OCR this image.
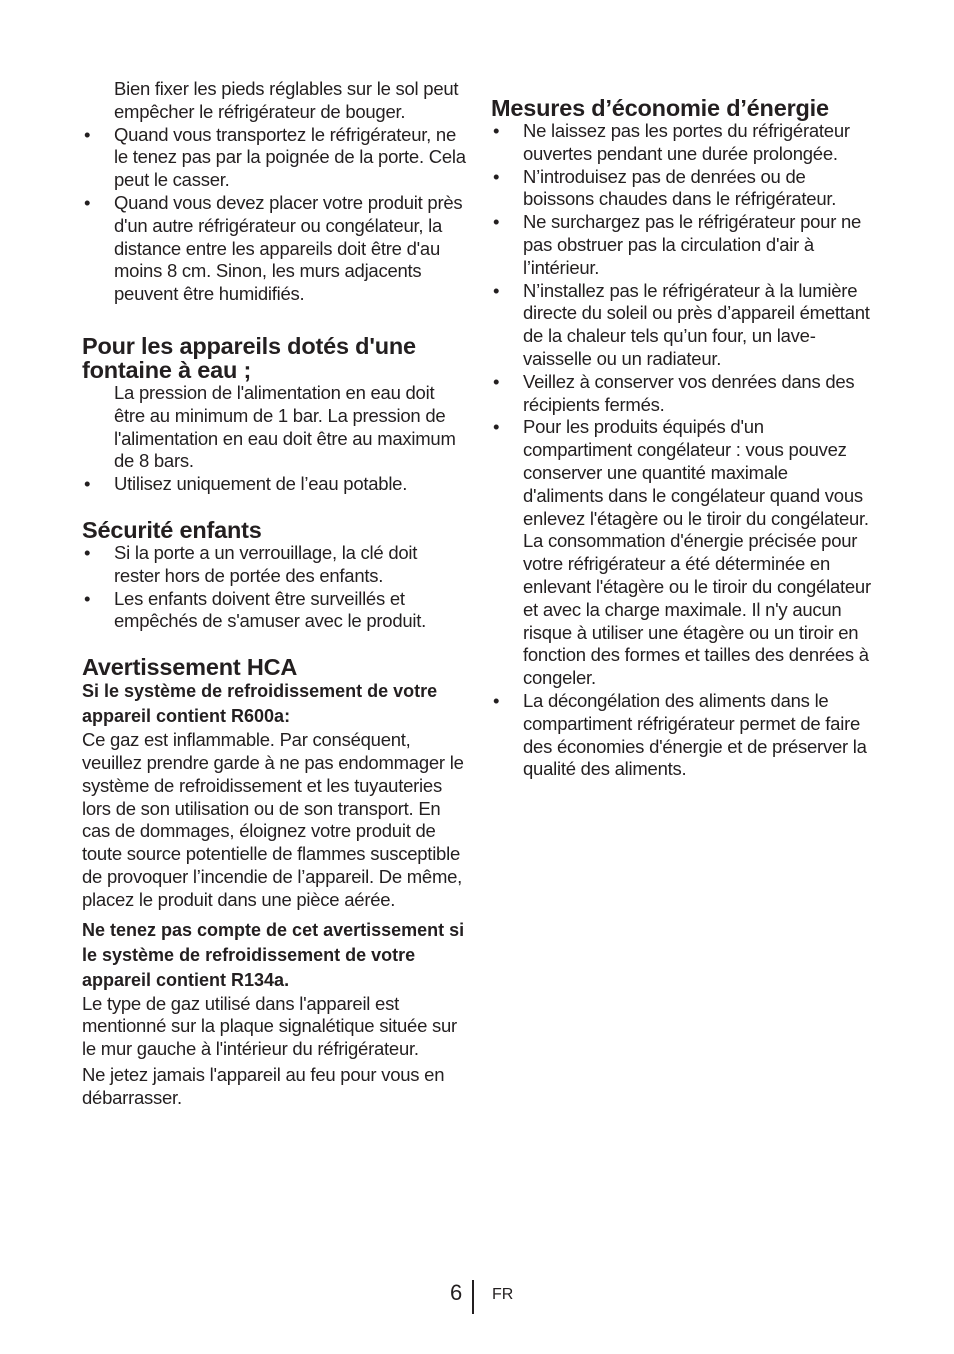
Bien fixer les pieds réglables sur le sol peut empêcher le réfrigérateur de bouger.

• Quand vous transportez le réfrigérateur, ne le tenez pas par la poignée de la porte. Cela peut le casser.
• Quand vous devez placer votre produit près d'un autre réfrigérateur ou congélateur, la distance entre les appareils doit être d'au moins 8 cm. Sinon, les murs adjacents peuvent être humidifiés.
Pour les appareils dotés d'une fontaine à eau ;

La pression de l'alimentation en eau doit être au minimum de 1 bar. La pression de l'alimentation en eau doit être au maximum de 8 bars.

• Utilisez uniquement de l’eau potable.
Sécurité enfants
• Si la porte a un verrouillage, la clé doit rester hors de portée des enfants.
• Les enfants doivent être surveillés et empêchés de s'amuser avec le produit.
Avertissement HCA

Si le système de refroidissement de votre appareil contient R600a:

Ce gaz est inflammable. Par conséquent, veuillez prendre garde à ne pas endommager le système de refroidissement et les tuyauteries lors de son utilisation ou de son transport. En cas de dommages, éloignez votre produit de toute source potentielle de flammes susceptible de provoquer l’incendie de l’appareil. De même, placez le produit dans une pièce aérée.

Ne tenez pas compte de cet avertissement si le système de refroidissement de votre appareil contient R134a.

Le type de gaz utilisé dans l'appareil est mentionné sur la plaque signalétique située sur le mur gauche à l'intérieur du réfrigérateur.

Ne jetez jamais l'appareil au feu pour vous en débarrasser.

Mesures d’économie d’énergie
• Ne laissez pas les portes du réfrigérateur ouvertes pendant une durée prolongée.
• N’introduisez pas de denrées ou de boissons chaudes dans le réfrigérateur.
• Ne surchargez pas le réfrigérateur pour ne pas obstruer pas la circulation d'air à l’intérieur.
• N’installez pas le réfrigérateur à la lumière directe du soleil ou près d’appareil émettant de la chaleur tels qu’un four, un lave-vaisselle ou un radiateur.
• Veillez à conserver vos denrées dans des récipients fermés.
• Pour les produits équipés d'un compartiment congélateur : vous pouvez conserver une quantité maximale d'aliments dans le congélateur quand vous enlevez l'étagère ou le tiroir du congélateur. La consommation d'énergie précisée pour votre réfrigérateur a été déterminée en enlevant l'étagère ou le tiroir du congélateur et avec la charge maximale. Il n'y aucun risque à utiliser une étagère ou un tiroir en fonction des formes et tailles des denrées à congeler.
• La décongélation des aliments dans le compartiment réfrigérateur permet de faire des économies d'énergie et de préserver la qualité des aliments.
6 FR
